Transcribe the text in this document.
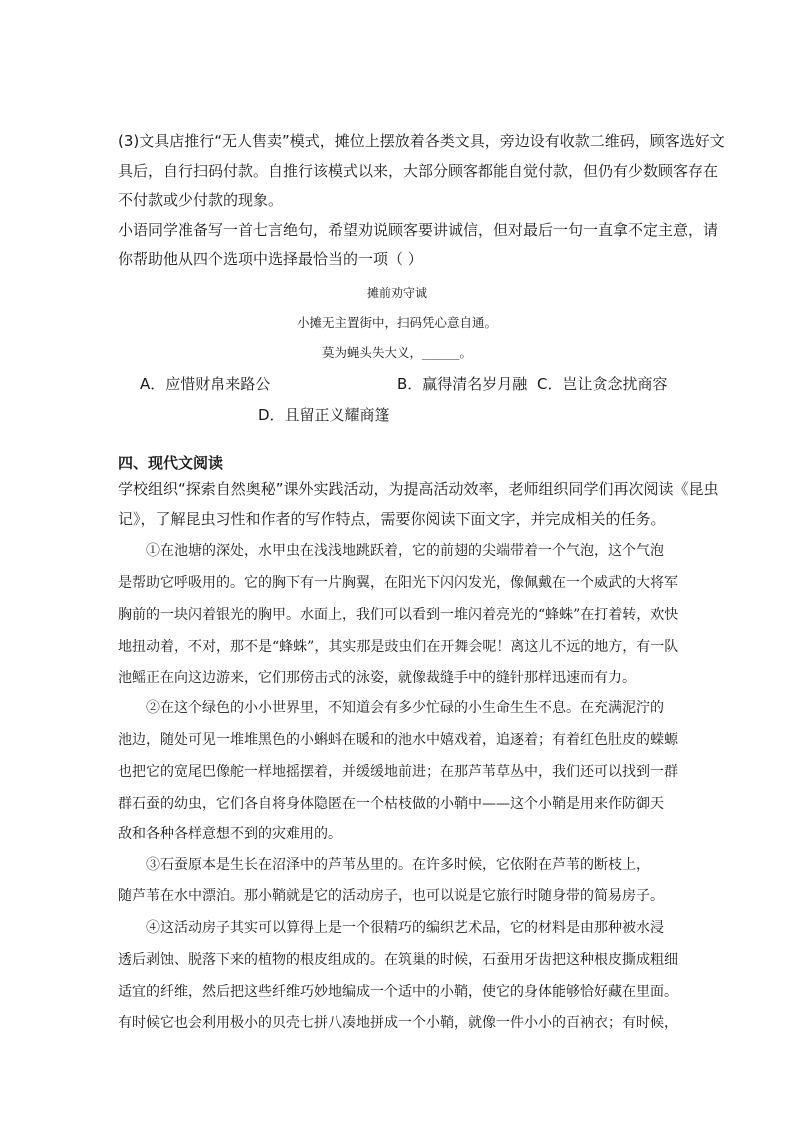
(3)文具店推行“无人售卖”模式，摊位上摆放着各类文具，旁边设有收款二维码，顾客选好文
具后，自行扫码付款。自推行该模式以来，大部分顾客都能自觉付款，但仍有少数顾客存在
不付款或少付款的现象。
小语同学准备写一首七言绝句，希望劝说顾客要讲诚信，但对最后一句一直拿不定主意，请
你帮助他从四个选项中选择最恰当的一项（ ）
摊前劝守诚
小摊无主置街中，扫码凭心意自通。
莫为蝇头失大义，______。
A．应惜财帛来路公	B．赢得清名岁月融 C．岂让贪念扰商容
D．且留正义耀商篷
四、现代文阅读
学校组织“探索自然奥秘”课外实践活动，为提高活动效率，老师组织同学们再次阅读《昆虫
记》，了解昆虫习性和作者的写作特点，需要你阅读下面文字，并完成相关的任务。
①在池塘的深处，水甲虫在浅浅地跳跃着，它的前翅的尖端带着一个气泡，这个气泡
是帮助它呼吸用的。它的胸下有一片胸翼，在阳光下闪闪发光，像佩戴在一个威武的大将军
胸前的一块闪着银光的胸甲。水面上，我们可以看到一堆闪着亮光的“蜂蛛”在打着转，欢快
地扭动着，不对，那不是“蜂蛛”，其实那是豉虫们在开舞会呢！离这儿不远的地方，有一队
池鳐正在向这边游来，它们那傍击式的泳姿，就像裁缝手中的缝针那样迅速而有力。
②在这个绿色的小小世界里，不知道会有多少忙碌的小生命生生不息。在充满泥泞的
池边，随处可见一堆堆黑色的小蝌蚪在暖和的池水中嬉戏着，追逐着；有着红色肚皮的蝾螈
也把它的宽尾巴像舵一样地摇摆着，并缓缓地前进；在那芦苇草丛中，我们还可以找到一群
群石蚕的幼虫，它们各自将身体隐匿在一个枯枝做的小鞘中——这个小鞘是用来作防御天
敌和各种各样意想不到的灾难用的。
③石蚕原本是生长在沼泽中的芦苇丛里的。在许多时候，它依附在芦苇的断枝上，
随芦苇在水中漂泊。那小鞘就是它的活动房子，也可以说是它旅行时随身带的简易房子。
④这活动房子其实可以算得上是一个很精巧的编织艺术品，它的材料是由那种被水浸
透后剥蚀、脱落下来的植物的根皮组成的。在筑巢的时候，石蚕用牙齿把这种根皮撕成粗细
适宜的纤维，然后把这些纤维巧妙地编成一个适中的小鞘，使它的身体能够恰好藏在里面。
有时候它也会利用极小的贝壳七拼八凑地拼成一个小鞘，就像一件小小的百衲衣；有时候，
